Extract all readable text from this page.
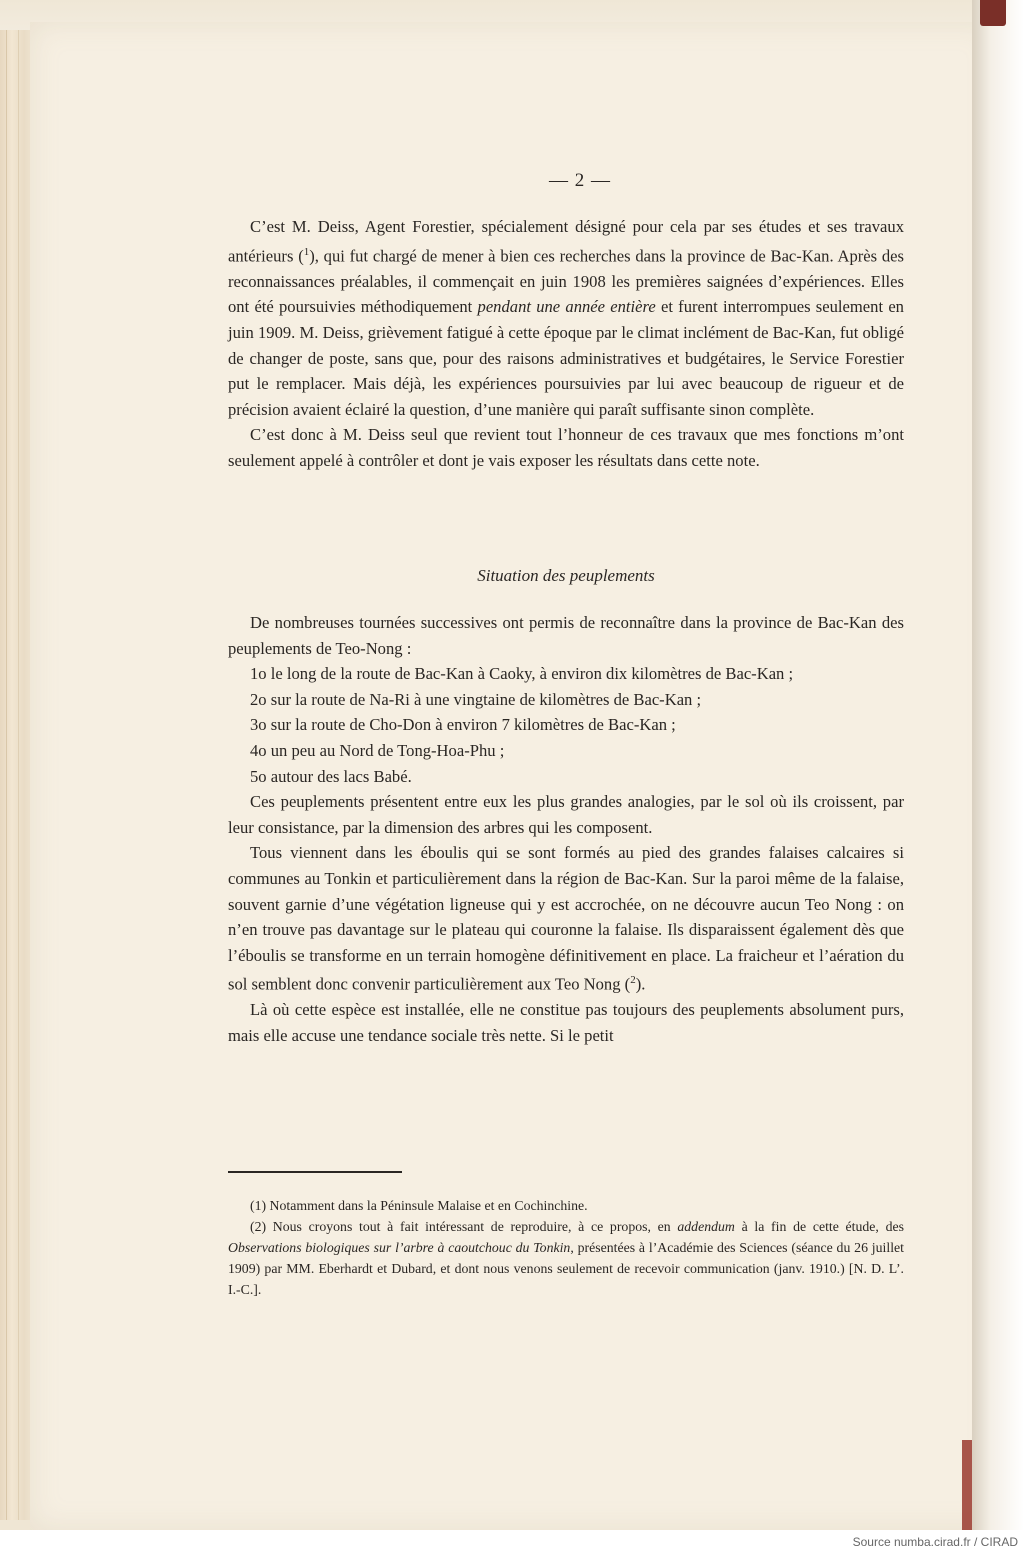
— 2 —

C’est M. Deiss, Agent Forestier, spécialement désigné pour cela par ses études et ses travaux antérieurs ($^1$), qui fut chargé de mener à bien ces recherches dans la province de Bac-Kan. Après des reconnaissances préalables, il commençait en juin 1908 les premières saignées d’expériences. Elles ont été poursuivies méthodiquement pendant une année entière et furent interrompues seulement en juin 1909. M. Deiss, grièvement fatigué à cette époque par le climat inclément de Bac-Kan, fut obligé de changer de poste, sans que, pour des raisons administratives et budgétaires, le Service Forestier put le remplacer. Mais déjà, les expériences poursuivies par lui avec beaucoup de rigueur et de précision avaient éclairé la question, d’une manière qui paraît suffisante sinon complète.

C’est donc à M. Deiss seul que revient tout l’honneur de ces travaux que mes fonctions m’ont seulement appelé à contrôler et dont je vais exposer les résultats dans cette note.

Situation des peuplements

De nombreuses tournées successives ont permis de reconnaître dans la province de Bac-Kan des peuplements de Teo-Nong :

1o le long de la route de Bac-Kan à Caoky, à environ dix kilomètres de Bac-Kan ;

2o sur la route de Na-Ri à une vingtaine de kilomètres de Bac-Kan ;

3o sur la route de Cho-Don à environ 7 kilomètres de Bac-Kan ;

4o un peu au Nord de Tong-Hoa-Phu ;

5o autour des lacs Babé.

Ces peuplements présentent entre eux les plus grandes analogies, par le sol où ils croissent, par leur consistance, par la dimension des arbres qui les composent.

Tous viennent dans les éboulis qui se sont formés au pied des grandes falaises calcaires si communes au Tonkin et particulièrement dans la région de Bac-Kan. Sur la paroi même de la falaise, souvent garnie d’une végétation ligneuse qui y est accrochée, on ne découvre aucun Teo Nong : on n’en trouve pas davantage sur le plateau qui couronne la falaise. Ils disparaissent également dès que l’éboulis se transforme en un terrain homogène définitivement en place. La fraicheur et l’aération du sol semblent donc convenir particulièrement aux Teo Nong ($^2$).

Là où cette espèce est installée, elle ne constitue pas toujours des peuplements absolument purs, mais elle accuse une tendance sociale très nette. Si le petit

(1) Notamment dans la Péninsule Malaise et en Cochinchine.

(2) Nous croyons tout à fait intéressant de reproduire, à ce propos, en addendum à la fin de cette étude, des Observations biologiques sur l’arbre à caoutchouc du Tonkin, présentées à l’Académie des Sciences (séance du 26 juillet 1909) par MM. Eberhardt et Dubard, et dont nous venons seulement de recevoir communication (janv. 1910.) [N. D. L’. I.-C.].

Source numba.cirad.fr / CIRAD
